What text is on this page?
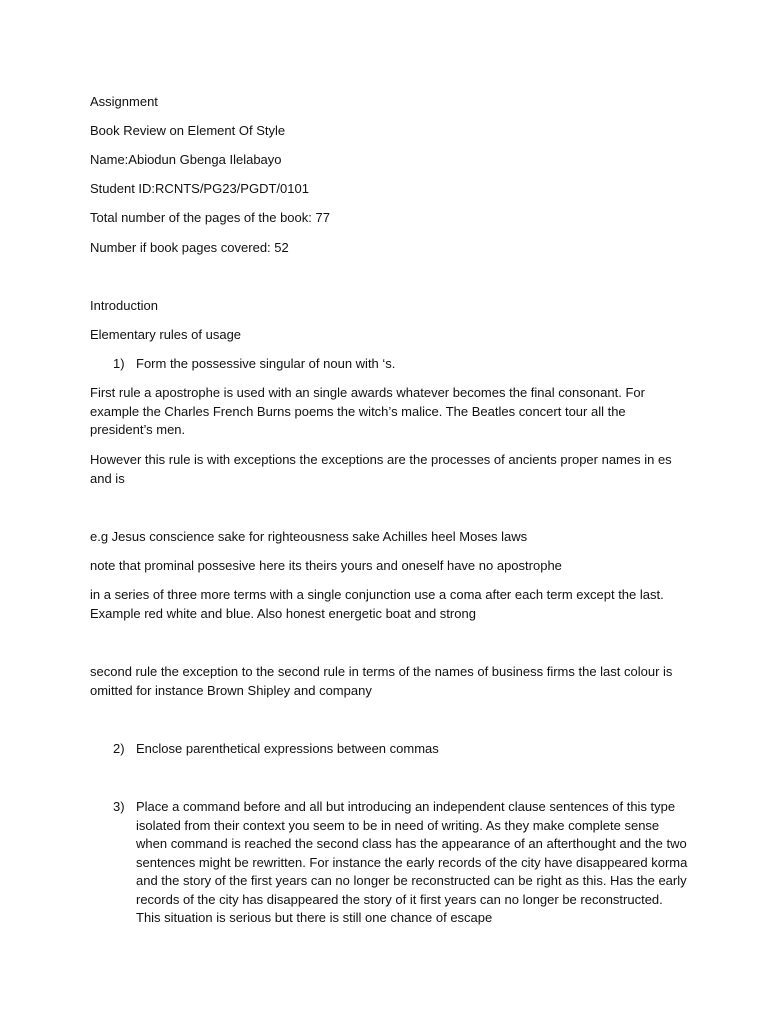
Assignment

Book Review on Element Of Style

Name:Abiodun Gbenga Ilelabayo

Student ID:RCNTS/PG23/PGDT/0101

Total number of the pages of the book: 77

Number if book pages covered: 52

Introduction

Elementary rules of usage

1) Form the possessive singular of noun with ‘s.

First rule a apostrophe is used with an single awards whatever becomes the final consonant. For example the Charles French Burns poems the witch’s malice. The Beatles concert tour all the president’s men.

However this rule is with exceptions the exceptions are the processes of ancients proper names in es and is

e.g Jesus conscience sake for righteousness sake Achilles heel Moses laws

note that prominal possesive here its theirs yours and oneself have no apostrophe

in a series of three more terms with a single conjunction use a coma after each term except the last. Example red white and blue. Also honest energetic boat and strong

second rule the exception to the second rule in terms of the names of business firms the last colour is omitted for instance Brown Shipley and company

2) Enclose parenthetical expressions between commas

3) Place a command before and all but introducing an independent clause sentences of this type isolated from their context you seem to be in need of writing. As they make complete sense when command is reached the second class has the appearance of an afterthought and the two sentences might be rewritten. For instance the early records of the city have disappeared korma and the story of the first years can no longer be reconstructed can be right as this. Has the early records of the city has disappeared the story of it first years can no longer be reconstructed. This situation is serious but there is still one chance of escape
